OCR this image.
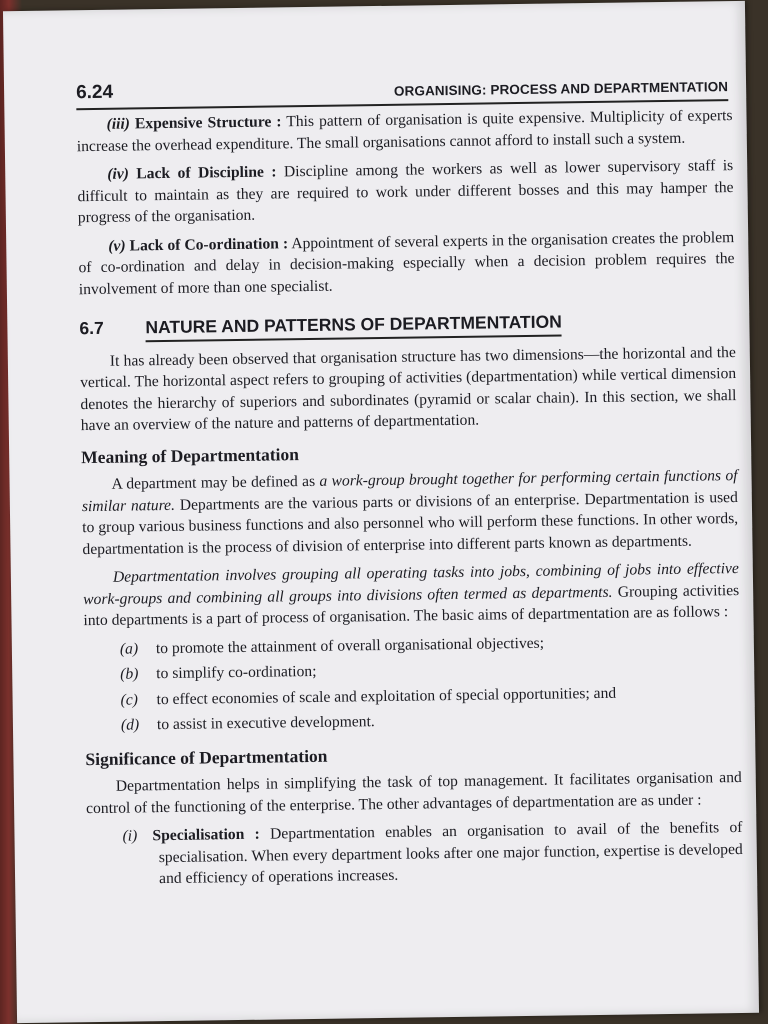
6.24	ORGANISING: PROCESS AND DEPARTMENTATION

(iii) Expensive Structure : This pattern of organisation is quite expensive. Multiplicity of experts increase the overhead expenditure. The small organisations cannot afford to install such a system.

(iv) Lack of Discipline : Discipline among the workers as well as lower supervisory staff is difficult to maintain as they are required to work under different bosses and this may hamper the progress of the organisation.

(v) Lack of Co-ordination : Appointment of several experts in the organisation creates the problem of co-ordination and delay in decision-making especially when a decision problem requires the involvement of more than one specialist.

6.7	NATURE AND PATTERNS OF DEPARTMENTATION

It has already been observed that organisation structure has two dimensions—the horizontal and the vertical. The horizontal aspect refers to grouping of activities (departmentation) while vertical dimension denotes the hierarchy of superiors and subordinates (pyramid or scalar chain). In this section, we shall have an overview of the nature and patterns of departmentation.

Meaning of Departmentation

A department may be defined as a work-group brought together for performing certain functions of similar nature. Departments are the various parts or divisions of an enterprise. Departmentation is used to group various business functions and also personnel who will perform these functions. In other words, departmentation is the process of division of enterprise into different parts known as departments.

Departmentation involves grouping all operating tasks into jobs, combining of jobs into effective work-groups and combining all groups into divisions often termed as departments. Grouping activities into departments is a part of process of organisation. The basic aims of departmentation are as follows :

(a) to promote the attainment of overall organisational objectives;
(b) to simplify co-ordination;
(c) to effect economies of scale and exploitation of special opportunities; and
(d) to assist in executive development.
Significance of Departmentation

Departmentation helps in simplifying the task of top management. It facilitates organisation and control of the functioning of the enterprise. The other advantages of departmentation are as under :

(i) Specialisation : Departmentation enables an organisation to avail of the benefits of specialisation. When every department looks after one major function, expertise is developed and efficiency of operations increases.
